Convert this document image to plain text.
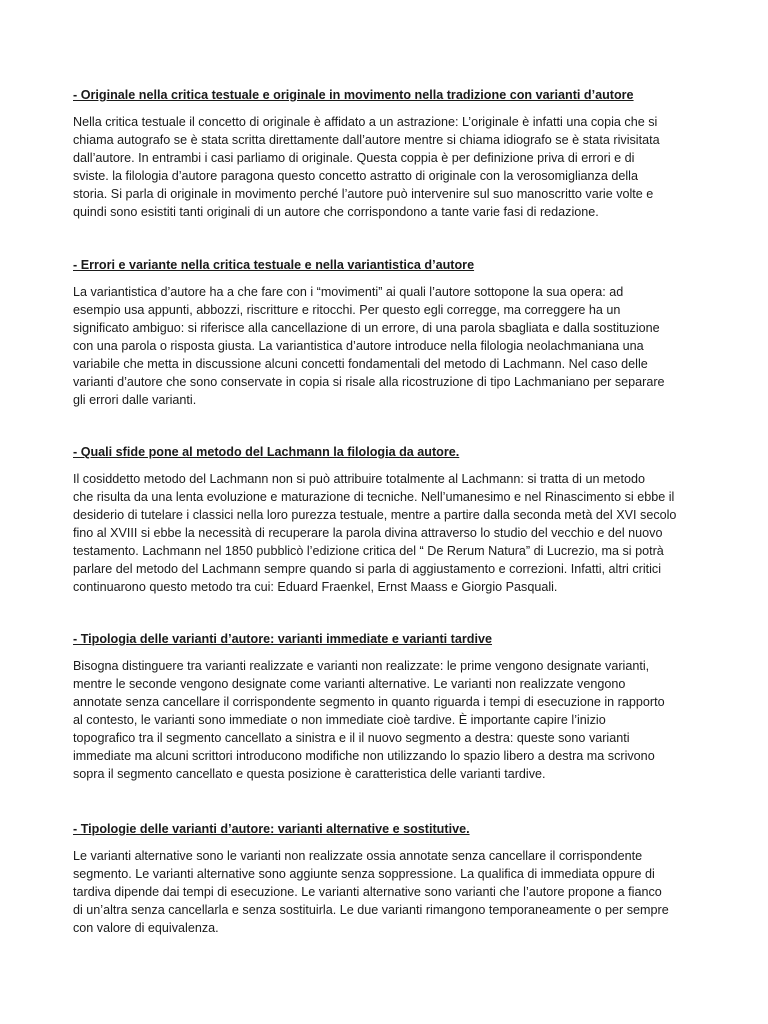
- Originale nella critica testuale e originale in movimento nella tradizione con varianti d’autore

Nella critica testuale il concetto di originale è affidato a un astrazione: L’originale è infatti una copia che si
chiama autografo se è stata scritta direttamente dall’autore mentre si chiama idiografo se è stata rivisitata
dall’autore. In entrambi i casi parliamo di originale. Questa coppia è per definizione priva di errori e di
sviste. la filologia d’autore paragona questo concetto astratto di originale con la verosomiglianza della
storia. Si parla di originale in movimento perché l’autore può intervenire sul suo manoscritto varie volte e
quindi sono esistiti tanti originali di un autore che corrispondono a tante varie fasi di redazione.

- Errori e variante nella critica testuale e nella variantistica d’autore

La variantistica d’autore ha a che fare con i “movimenti” ai quali l’autore sottopone la sua opera: ad
esempio usa appunti, abbozzi, riscritture e ritocchi. Per questo egli corregge, ma correggere ha un
significato ambiguo: si riferisce alla cancellazione di un errore, di una parola sbagliata e dalla sostituzione
con una parola o risposta giusta. La variantistica d’autore introduce nella filologia neolachmaniana una
variabile che metta in discussione alcuni concetti fondamentali del metodo di Lachmann. Nel caso delle
varianti d’autore che sono conservate in copia si risale alla ricostruzione di tipo Lachmaniano per separare
gli errori dalle varianti.

- Quali sfide pone al metodo del Lachmann la filologia da autore.

Il cosiddetto metodo del Lachmann non si può attribuire totalmente al Lachmann: si tratta di un metodo
che risulta da una lenta evoluzione e maturazione di tecniche. Nell’umanesimo e nel Rinascimento si ebbe il
desiderio di tutelare i classici nella loro purezza testuale, mentre a partire dalla seconda metà del XVI secolo
fino al XVIII si ebbe la necessità di recuperare la parola divina attraverso lo studio del vecchio e del nuovo
testamento. Lachmann nel 1850 pubblicò l’edizione critica del “ De Rerum Natura” di Lucrezio, ma si potrà
parlare del metodo del Lachmann sempre quando si parla di aggiustamento e correzioni. Infatti, altri critici
continuarono questo metodo tra cui: Eduard Fraenkel, Ernst Maass e Giorgio Pasquali.

- Tipologia delle varianti d’autore: varianti immediate e varianti tardive

Bisogna distinguere tra varianti realizzate e varianti non realizzate: le prime vengono designate varianti,
mentre le seconde vengono designate come varianti alternative. Le varianti non realizzate vengono
annotate senza cancellare il corrispondente segmento in quanto riguarda i tempi di esecuzione in rapporto
al contesto, le varianti sono immediate o non immediate cioè tardive. È importante capire l’inizio
topografico tra il segmento cancellato a sinistra e il il nuovo segmento a destra: queste sono varianti
immediate ma alcuni scrittori introducono modifiche non utilizzando lo spazio libero a destra ma scrivono
sopra il segmento cancellato e questa posizione è caratteristica delle varianti tardive.

- Tipologie delle varianti d’autore: varianti alternative e sostitutive.

Le varianti alternative sono le varianti non realizzate ossia annotate senza cancellare il corrispondente
segmento. Le varianti alternative sono aggiunte senza soppressione. La qualifica di immediata oppure di
tardiva dipende dai tempi di esecuzione. Le varianti alternative sono varianti che l’autore propone a fianco
di un’altra senza cancellarla e senza sostituirla. Le due varianti rimangono temporaneamente o per sempre
con valore di equivalenza.
